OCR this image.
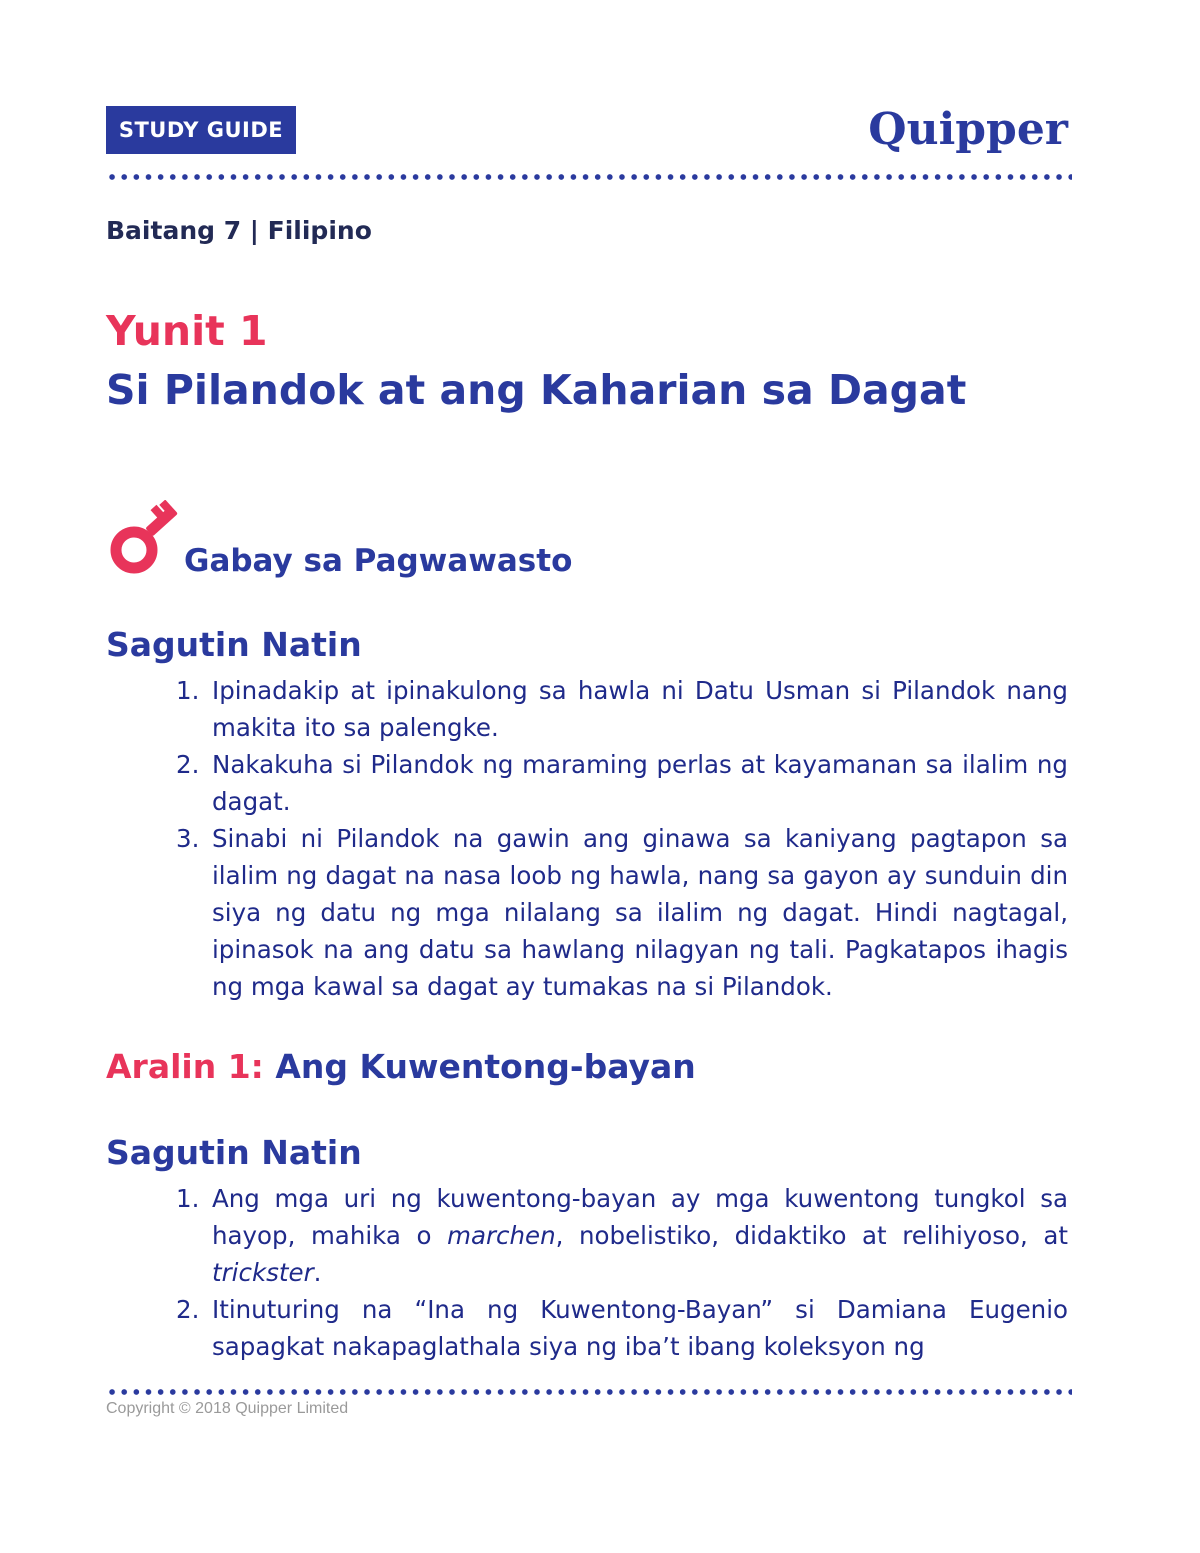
STUDY GUIDE	Quipper
Baitang 7 | Filipino
Yunit 1
Si Pilandok at ang Kaharian sa Dagat
Gabay sa Pagwawasto
Sagutin Natin
1. Ipinadakip at ipinakulong sa hawla ni Datu Usman si Pilandok nang makita ito sa palengke.
2. Nakakuha si Pilandok ng maraming perlas at kayamanan sa ilalim ng dagat.
3. Sinabi ni Pilandok na gawin ang ginawa sa kaniyang pagtapon sa ilalim ng dagat na nasa loob ng hawla, nang sa gayon ay sunduin din siya ng datu ng mga nilalang sa ilalim ng dagat. Hindi nagtagal, ipinasok na ang datu sa hawlang nilagyan ng tali. Pagkatapos ihagis ng mga kawal sa dagat ay tumakas na si Pilandok.
Aralin 1: Ang Kuwentong-bayan
Sagutin Natin
1. Ang mga uri ng kuwentong-bayan ay mga kuwentong tungkol sa hayop, mahika o marchen, nobelistiko, didaktiko at relihiyoso, at trickster.
2. Itinuturing na “Ina ng Kuwentong-Bayan” si Damiana Eugenio sapagkat nakapaglathala siya ng iba’t ibang koleksyon ng
Copyright © 2018 Quipper Limited
